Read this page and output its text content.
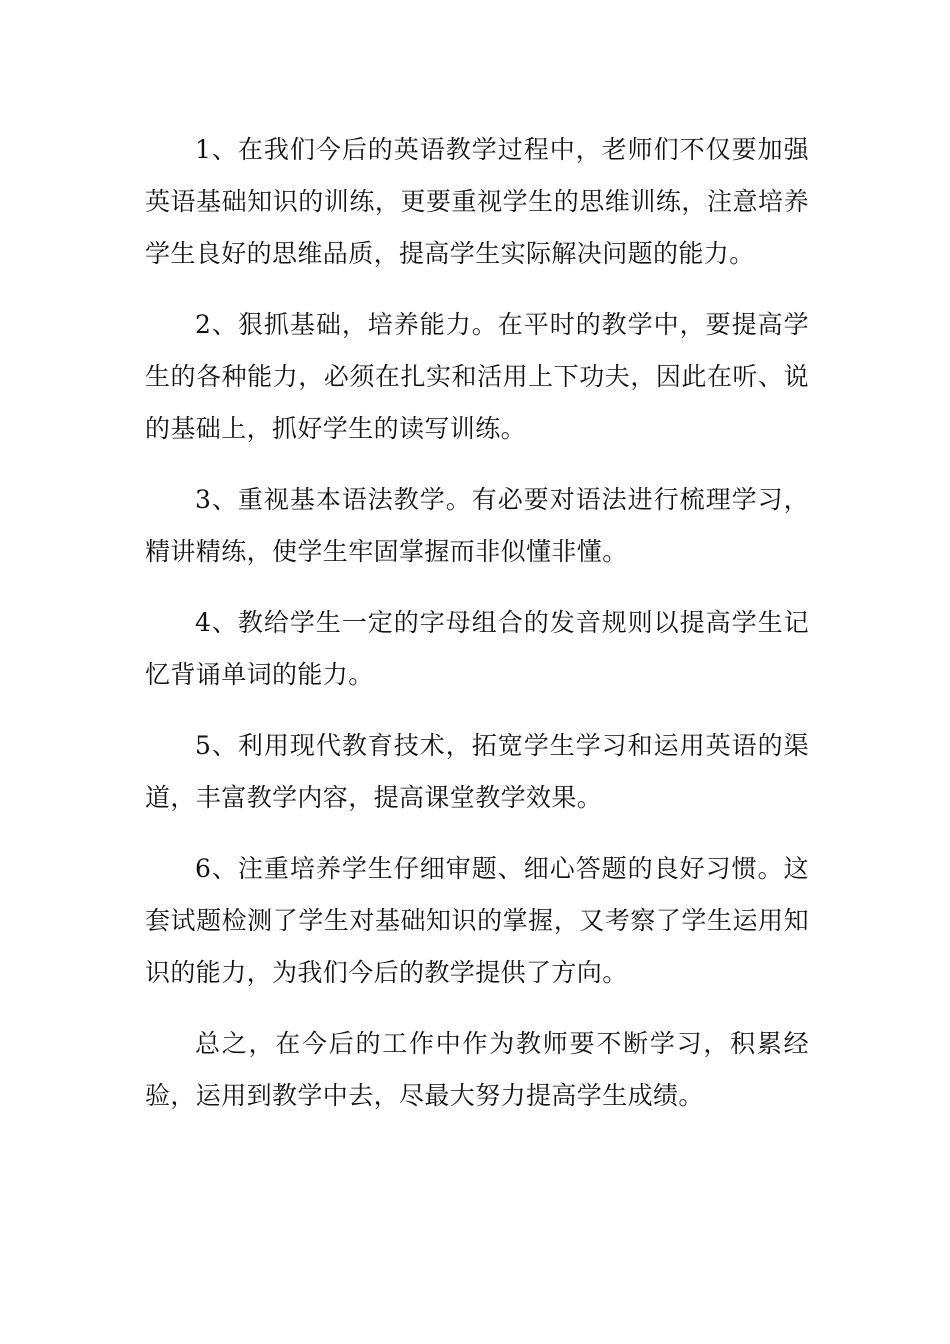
1、在我们今后的英语教学过程中，老师们不仅要加强英语基础知识的训练，更要重视学生的思维训练，注意培养学生良好的思维品质，提高学生实际解决问题的能力。

2、狠抓基础，培养能力。在平时的教学中，要提高学生的各种能力，必须在扎实和活用上下功夫，因此在听、说的基础上，抓好学生的读写训练。

3、重视基本语法教学。有必要对语法进行梳理学习，精讲精练，使学生牢固掌握而非似懂非懂。

4、教给学生一定的字母组合的发音规则以提高学生记忆背诵单词的能力。

5、利用现代教育技术，拓宽学生学习和运用英语的渠道，丰富教学内容，提高课堂教学效果。

6、注重培养学生仔细审题、细心答题的良好习惯。这套试题检测了学生对基础知识的掌握，又考察了学生运用知识的能力，为我们今后的教学提供了方向。

总之，在今后的工作中作为教师要不断学习，积累经验，运用到教学中去，尽最大努力提高学生成绩。
